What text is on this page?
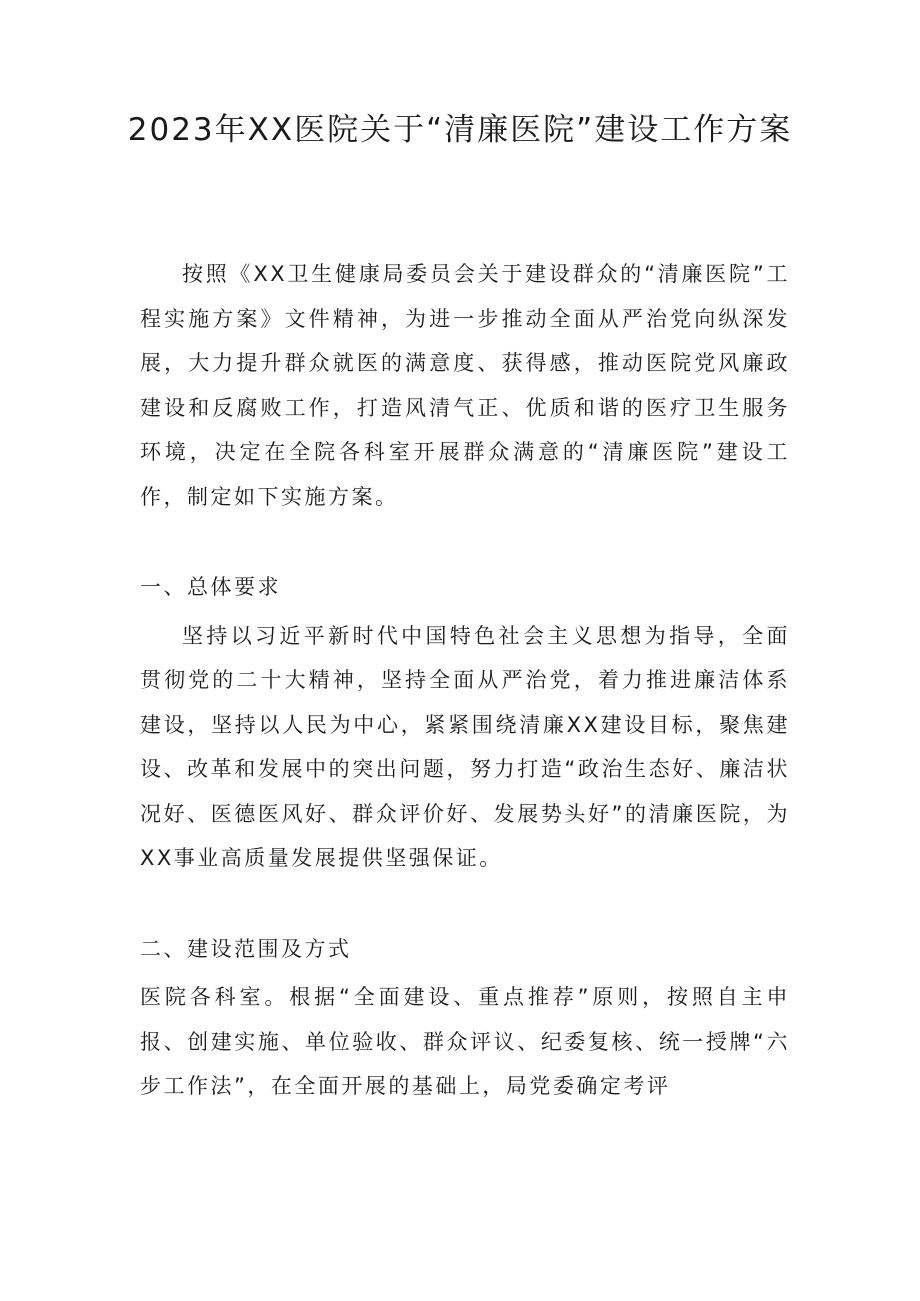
2023年XX医院关于“清廉医院”建设工作方案

按照《XX卫生健康局委员会关于建设群众的“清廉医院”工程实施方案》文件精神，为进一步推动全面从严治党向纵深发展，大力提升群众就医的满意度、获得感，推动医院党风廉政建设和反腐败工作，打造风清气正、优质和谐的医疗卫生服务环境，决定在全院各科室开展群众满意的“清廉医院”建设工作，制定如下实施方案。

一、总体要求

坚持以习近平新时代中国特色社会主义思想为指导，全面贯彻党的二十大精神，坚持全面从严治党，着力推进廉洁体系建设，坚持以人民为中心，紧紧围绕清廉XX建设目标，聚焦建设、改革和发展中的突出问题，努力打造“政治生态好、廉洁状况好、医德医风好、群众评价好、发展势头好”的清廉医院，为XX事业高质量发展提供坚强保证。

二、建设范围及方式

医院各科室。根据“全面建设、重点推荐”原则，按照自主申报、创建实施、单位验收、群众评议、纪委复核、统一授牌“六步工作法”，在全面开展的基础上，局党委确定考评
